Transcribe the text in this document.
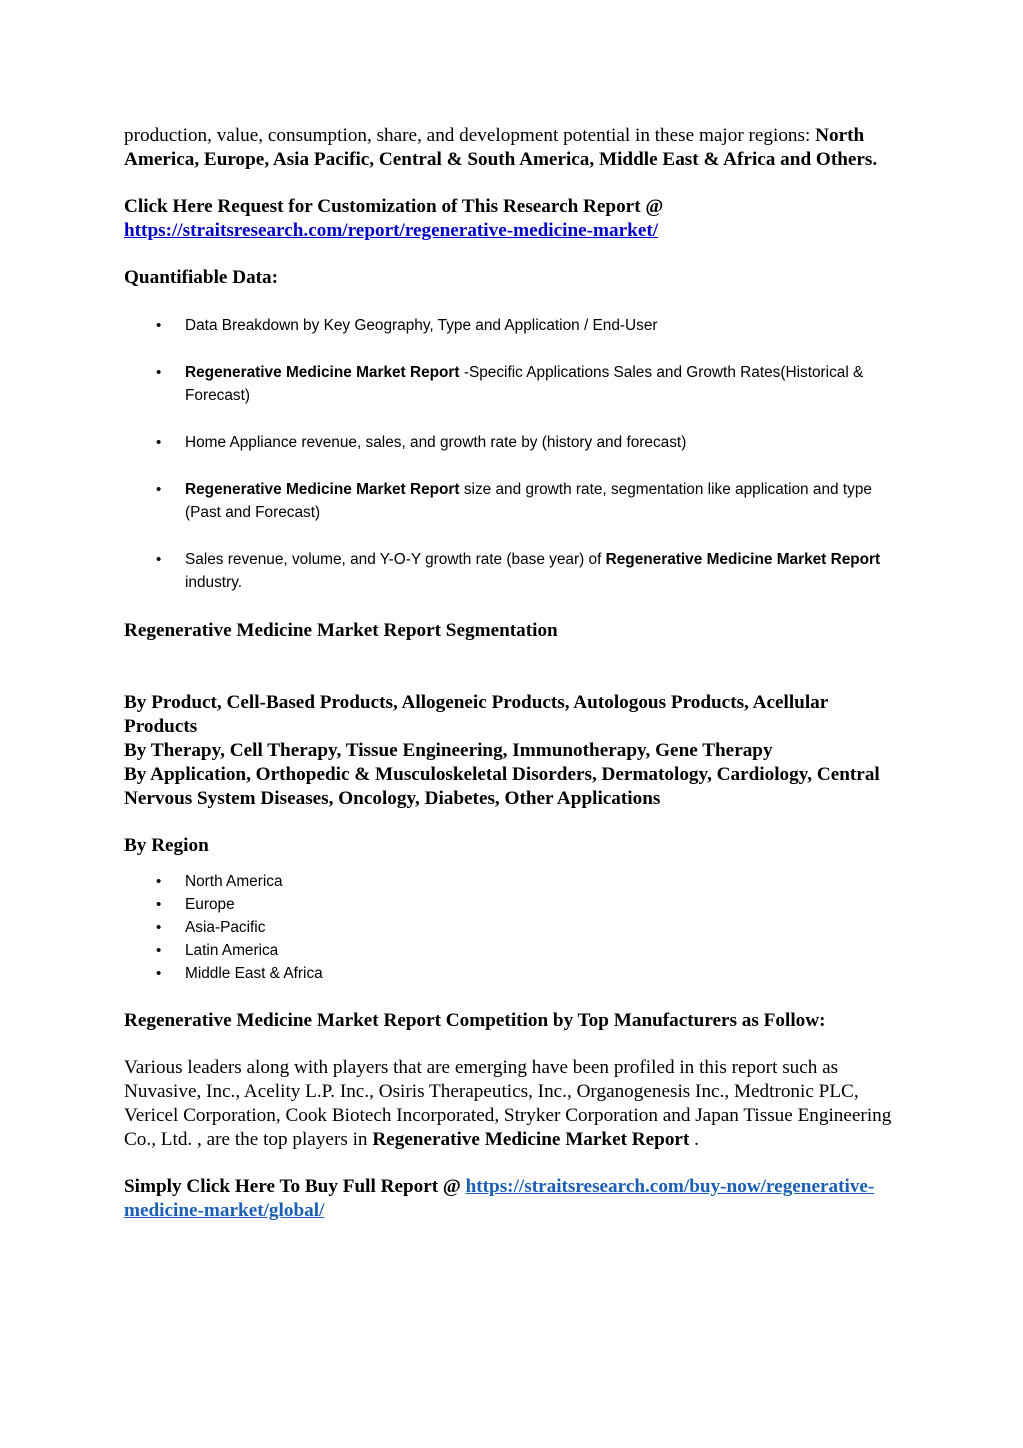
production, value, consumption, share, and development potential in these major regions: North America, Europe, Asia Pacific, Central & South America, Middle East & Africa and Others.

Click Here Request for Customization of This Research Report @
https://straitsresearch.com/report/regenerative-medicine-market/

Quantifiable Data:

• Data Breakdown by Key Geography, Type and Application / End-User
• Regenerative Medicine Market Report -Specific Applications Sales and Growth Rates(Historical & Forecast)
• Home Appliance revenue, sales, and growth rate by (history and forecast)
• Regenerative Medicine Market Report size and growth rate, segmentation like application and type (Past and Forecast)
• Sales revenue, volume, and Y-O-Y growth rate (base year) of Regenerative Medicine Market Report industry.

Regenerative Medicine Market Report Segmentation

By Product, Cell-Based Products, Allogeneic Products, Autologous Products, Acellular Products

By Therapy, Cell Therapy, Tissue Engineering, Immunotherapy, Gene Therapy

By Application, Orthopedic & Musculoskeletal Disorders, Dermatology, Cardiology, Central Nervous System Diseases, Oncology, Diabetes, Other Applications

By Region

• North America
• Europe
• Asia-Pacific
• Latin America
• Middle East & Africa

Regenerative Medicine Market Report Competition by Top Manufacturers as Follow:

Various leaders along with players that are emerging have been profiled in this report such as Nuvasive, Inc., Acelity L.P. Inc., Osiris Therapeutics, Inc., Organogenesis Inc., Medtronic PLC, Vericel Corporation, Cook Biotech Incorporated, Stryker Corporation and Japan Tissue Engineering Co., Ltd. , are the top players in Regenerative Medicine Market Report .

Simply Click Here To Buy Full Report @ https://straitsresearch.com/buy-now/regenerative-medicine-market/global/
